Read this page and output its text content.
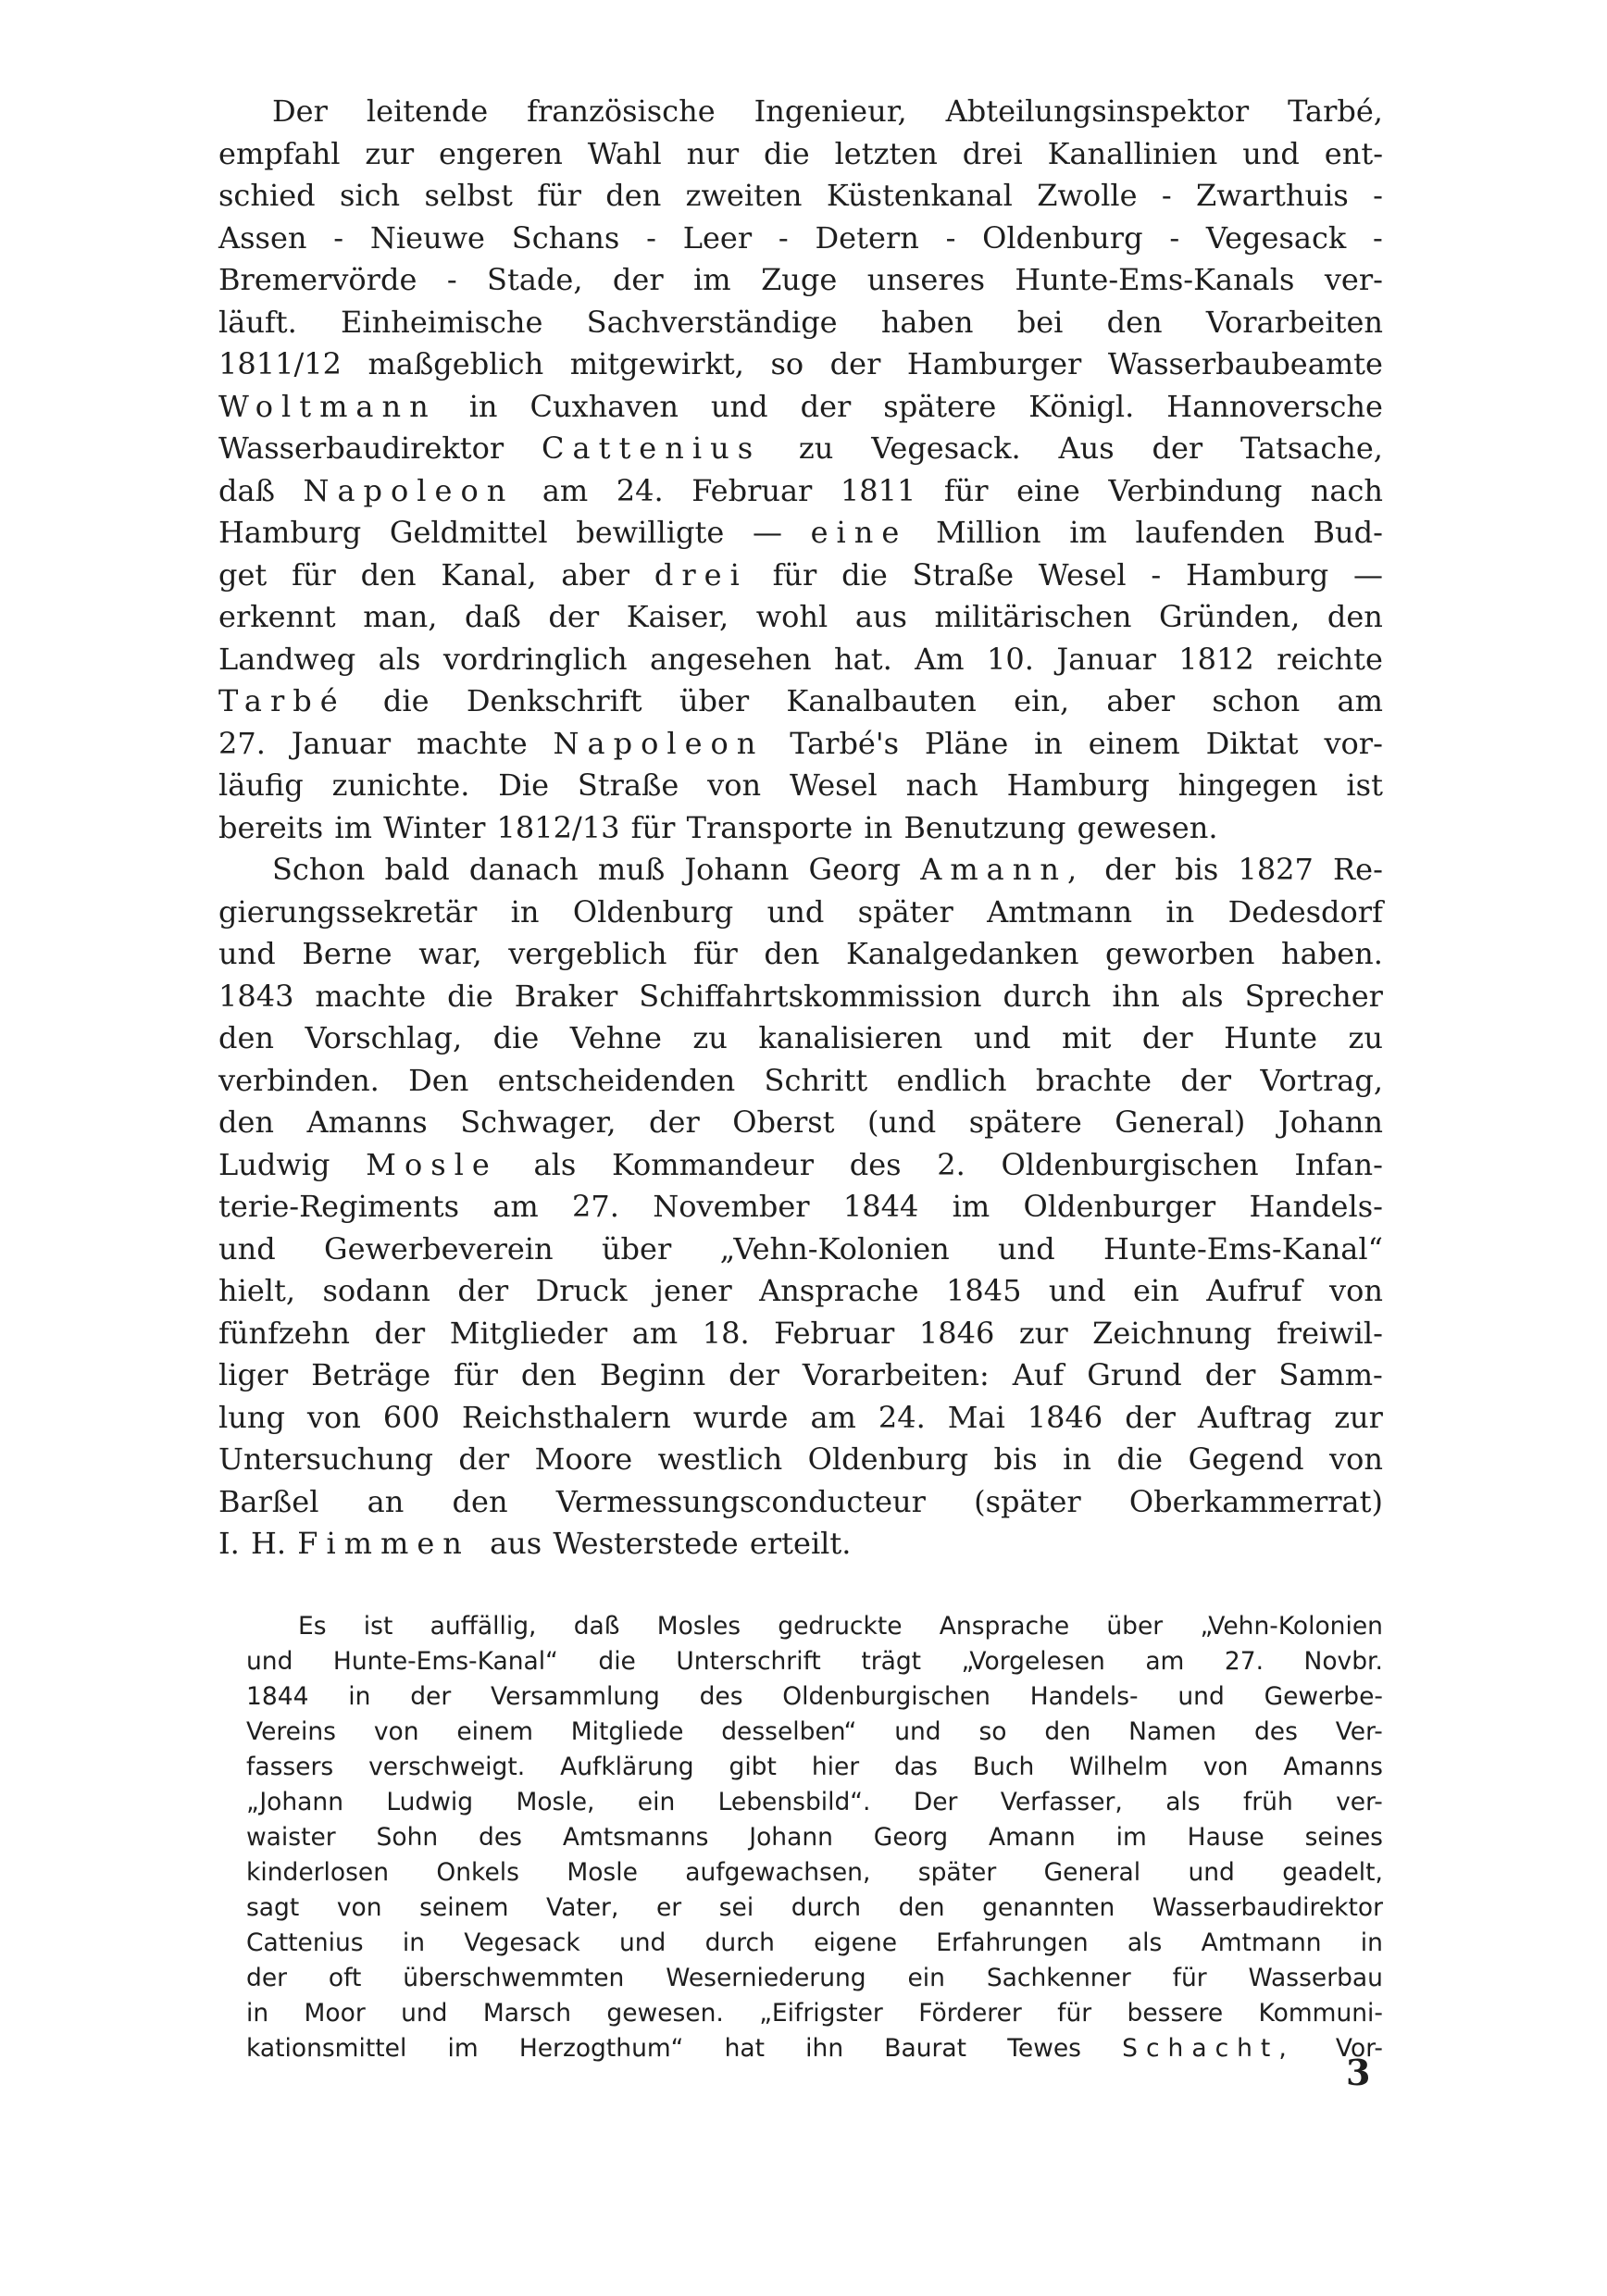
Der leitende französische Ingenieur, Abteilungsinspektor Tarbé,
empfahl zur engeren Wahl nur die letzten drei Kanallinien und ent-
schied sich selbst für den zweiten Küstenkanal Zwolle - Zwarthuis -
Assen - Nieuwe Schans - Leer - Detern - Oldenburg - Vegesack -
Bremervörde - Stade, der im Zuge unseres Hunte-Ems-Kanals ver-
läuft. Einheimische Sachverständige haben bei den Vorarbeiten
1811/12 maßgeblich mitgewirkt, so der Hamburger Wasserbaubeamte
Woltmann in Cuxhaven und der spätere Königl. Hannoversche
Wasserbaudirektor Cattenius zu Vegesack. Aus der Tatsache,
daß Napoleon am 24. Februar 1811 für eine Verbindung nach
Hamburg Geldmittel bewilligte — eine Million im laufenden Bud-
get für den Kanal, aber drei für die Straße Wesel - Hamburg —
erkennt man, daß der Kaiser, wohl aus militärischen Gründen, den
Landweg als vordringlich angesehen hat. Am 10. Januar 1812 reichte
Tarbé die Denkschrift über Kanalbauten ein, aber schon am
27. Januar machte Napoleon Tarbé's Pläne in einem Diktat vor-
läufig zunichte. Die Straße von Wesel nach Hamburg hingegen ist
bereits im Winter 1812/13 für Transporte in Benutzung gewesen.
Schon bald danach muß Johann Georg Amann, der bis 1827 Re-
gierungssekretär in Oldenburg und später Amtmann in Dedesdorf
und Berne war, vergeblich für den Kanalgedanken geworben haben.
1843 machte die Braker Schiffahrtskommission durch ihn als Sprecher
den Vorschlag, die Vehne zu kanalisieren und mit der Hunte zu
verbinden. Den entscheidenden Schritt endlich brachte der Vortrag,
den Amanns Schwager, der Oberst (und spätere General) Johann
Ludwig Mosle als Kommandeur des 2. Oldenburgischen Infan-
terie-Regiments am 27. November 1844 im Oldenburger Handels-
und Gewerbeverein über „Vehn-Kolonien und Hunte-Ems-Kanal“
hielt, sodann der Druck jener Ansprache 1845 und ein Aufruf von
fünfzehn der Mitglieder am 18. Februar 1846 zur Zeichnung freiwil-
liger Beträge für den Beginn der Vorarbeiten: Auf Grund der Samm-
lung von 600 Reichsthalern wurde am 24. Mai 1846 der Auftrag zur
Untersuchung der Moore westlich Oldenburg bis in die Gegend von
Barßel an den Vermessungsconducteur (später Oberkammerrat)
I. H. Fimmen aus Westerstede erteilt.
Es ist auffällig, daß Mosles gedruckte Ansprache über „Vehn-Kolonien
und Hunte-Ems-Kanal“ die Unterschrift trägt „Vorgelesen am 27. Novbr.
1844 in der Versammlung des Oldenburgischen Handels- und Gewerbe-
Vereins von einem Mitgliede desselben“ und so den Namen des Ver-
fassers verschweigt. Aufklärung gibt hier das Buch Wilhelm von Amanns
„Johann Ludwig Mosle, ein Lebensbild“. Der Verfasser, als früh ver-
waister Sohn des Amtsmanns Johann Georg Amann im Hause seines
kinderlosen Onkels Mosle aufgewachsen, später General und geadelt,
sagt von seinem Vater, er sei durch den genannten Wasserbaudirektor
Cattenius in Vegesack und durch eigene Erfahrungen als Amtmann in
der oft überschwemmten Weserniederung ein Sachkenner für Wasserbau
in Moor und Marsch gewesen. „Eifrigster Förderer für bessere Kommuni-
kationsmittel im Herzogthum“ hat ihn Baurat Tewes Schacht, Vor-
3
